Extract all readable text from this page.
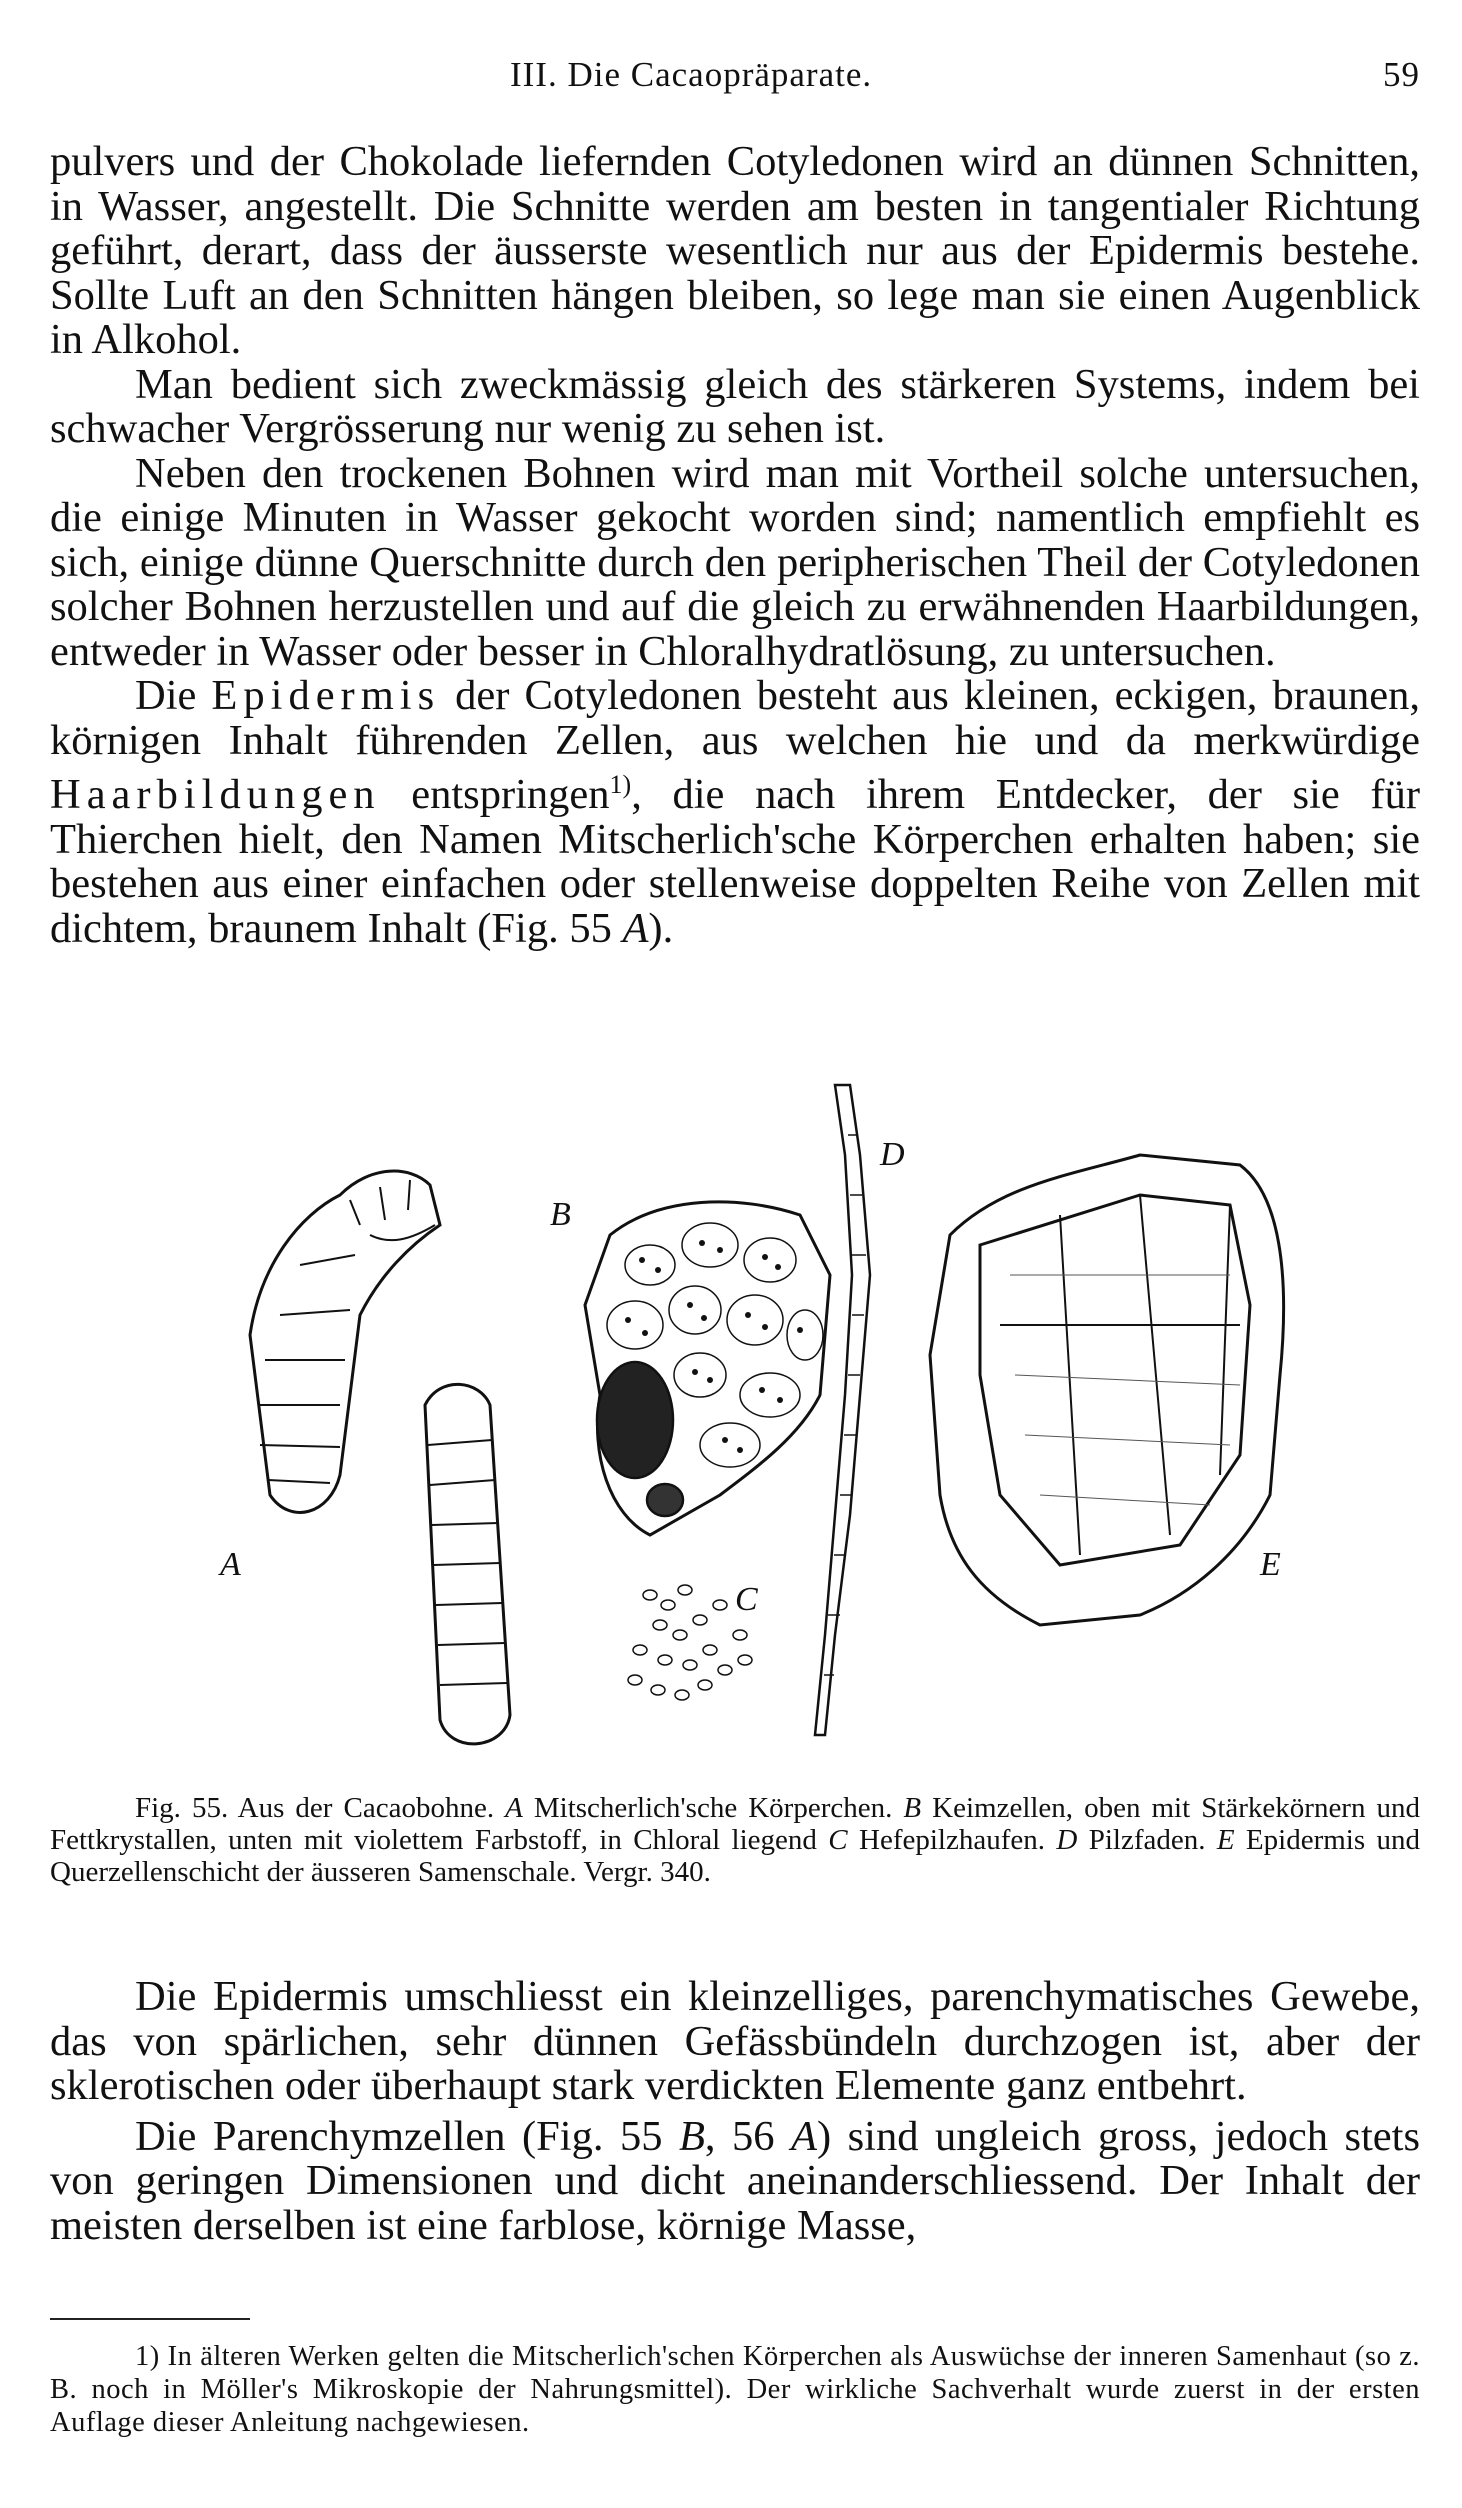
III. Die Cacaopräparate.	59

pulvers und der Chokolade liefernden Cotyledonen wird an dünnen Schnitten, in Wasser, angestellt. Die Schnitte werden am besten in tangentialer Richtung geführt, derart, dass der äusserste wesentlich nur aus der Epidermis bestehe. Sollte Luft an den Schnitten hängen bleiben, so lege man sie einen Augenblick in Alkohol.

Man bedient sich zweckmässig gleich des stärkeren Systems, indem bei schwacher Vergrösserung nur wenig zu sehen ist.

Neben den trockenen Bohnen wird man mit Vortheil solche untersuchen, die einige Minuten in Wasser gekocht worden sind; namentlich empfiehlt es sich, einige dünne Querschnitte durch den peripherischen Theil der Cotyledonen solcher Bohnen herzustellen und auf die gleich zu erwähnenden Haarbildungen, entweder in Wasser oder besser in Chloralhydratlösung, zu untersuchen.

Die Epidermis der Cotyledonen besteht aus kleinen, eckigen, braunen, körnigen Inhalt führenden Zellen, aus welchen hie und da merkwürdige Haarbildungen entspringen$^{1)}$, die nach ihrem Entdecker, der sie für Thierchen hielt, den Namen Mitscherlich'sche Körperchen erhalten haben; sie bestehen aus einer einfachen oder stellenweise doppelten Reihe von Zellen mit dichtem, braunem Inhalt (Fig. 55 A).

A
B
C
D
E
Fig. 55. Aus der Cacaobohne. A Mitscherlich'sche Körperchen. B Keimzellen, oben mit Stärkekörnern und Fettkrystallen, unten mit violettem Farbstoff, in Chloral liegend C Hefepilzhaufen. D Pilzfaden. E Epidermis und Querzellenschicht der äusseren Samenschale. Vergr. 340.

Die Epidermis umschliesst ein kleinzelliges, parenchymatisches Gewebe, das von spärlichen, sehr dünnen Gefässbündeln durchzogen ist, aber der sklerotischen oder überhaupt stark verdickten Elemente ganz entbehrt.

Die Parenchymzellen (Fig. 55 B, 56 A) sind ungleich gross, jedoch stets von geringen Dimensionen und dicht aneinanderschliessend. Der Inhalt der meisten derselben ist eine farblose, körnige Masse,

1) In älteren Werken gelten die Mitscherlich'schen Körperchen als Auswüchse der inneren Samenhaut (so z. B. noch in Möller's Mikroskopie der Nahrungsmittel). Der wirkliche Sachverhalt wurde zuerst in der ersten Auflage dieser Anleitung nachgewiesen.
